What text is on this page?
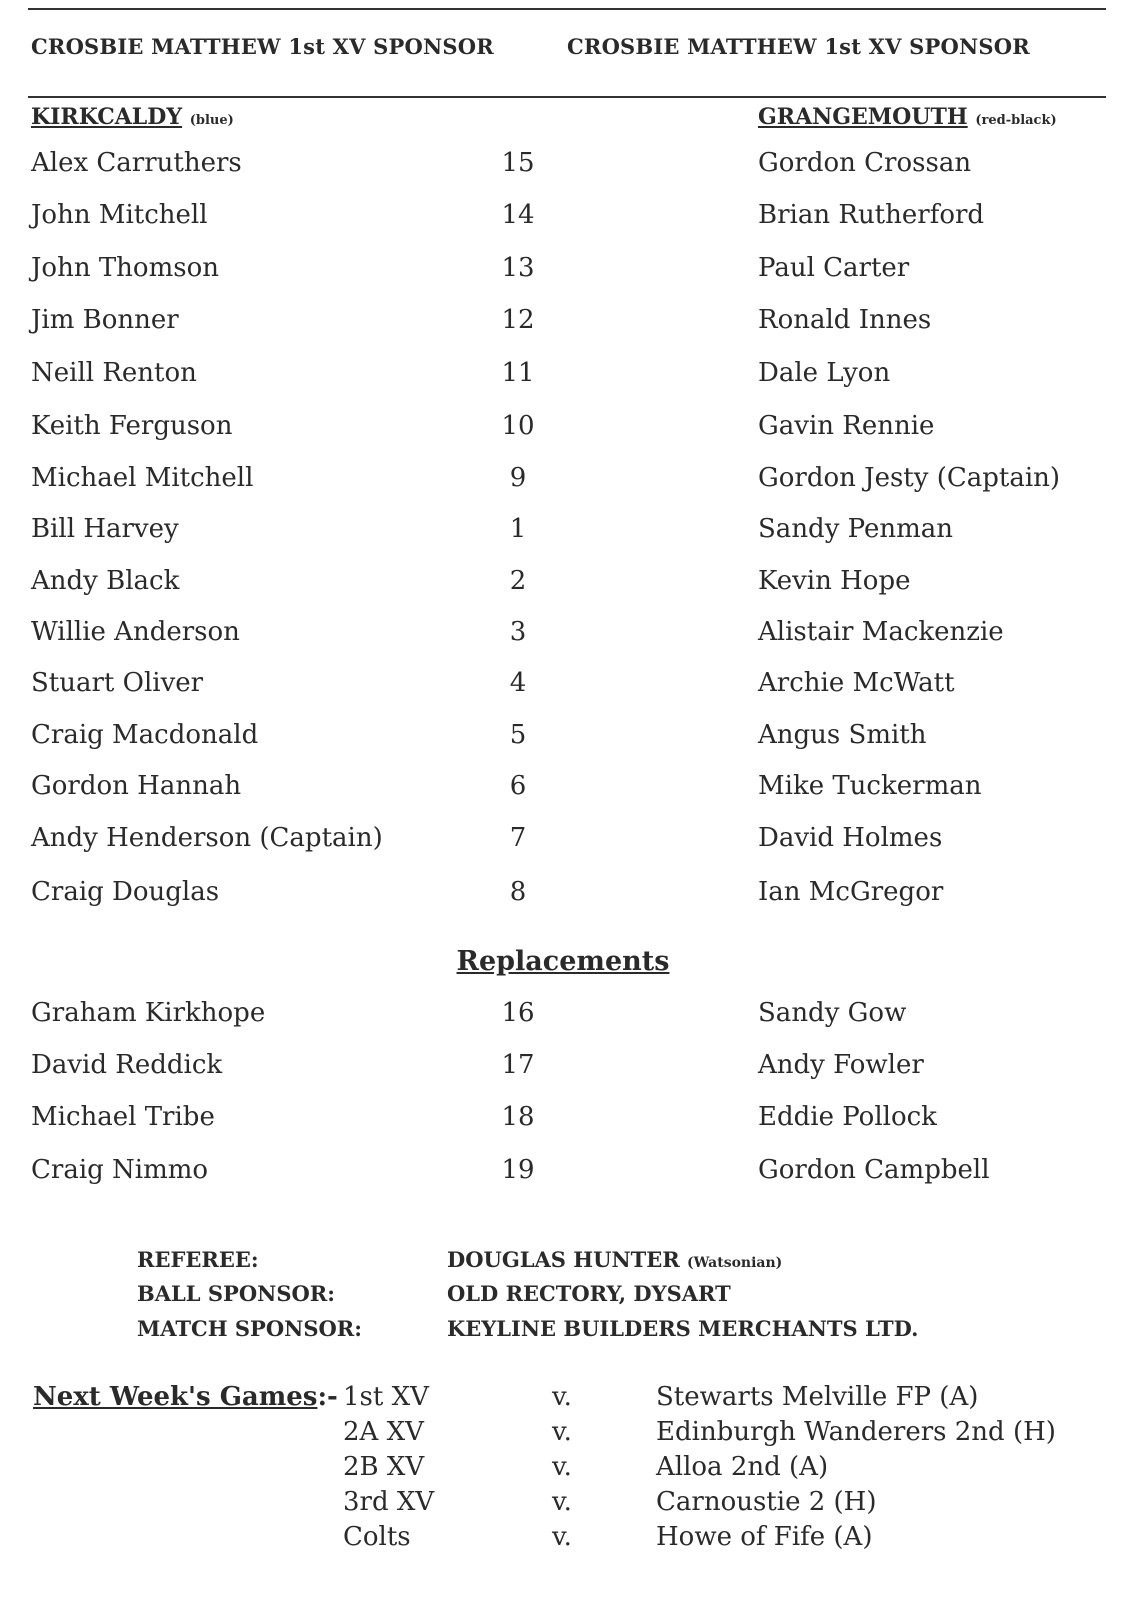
CROSBIE MATTHEW 1st XV SPONSOR	CROSBIE MATTHEW 1st XV SPONSOR
KIRKCALDY (blue)	GRANGEMOUTH (red-black)
Alex Carruthers	15	Gordon Crossan
John Mitchell	14	Brian Rutherford
John Thomson	13	Paul Carter
Jim Bonner	12	Ronald Innes
Neill Renton	11	Dale Lyon
Keith Ferguson	10	Gavin Rennie
Michael Mitchell	9	Gordon Jesty (Captain)
Bill Harvey	1	Sandy Penman
Andy Black	2	Kevin Hope
Willie Anderson	3	Alistair Mackenzie
Stuart Oliver	4	Archie McWatt
Craig Macdonald	5	Angus Smith
Gordon Hannah	6	Mike Tuckerman
Andy Henderson (Captain)	7	David Holmes
Craig Douglas	8	Ian McGregor
Replacements
Graham Kirkhope	16	Sandy Gow
David Reddick	17	Andy Fowler
Michael Tribe	18	Eddie Pollock
Craig Nimmo	19	Gordon Campbell
REFEREE:	DOUGLAS HUNTER (Watsonian)
BALL SPONSOR:	OLD RECTORY, DYSART
MATCH SPONSOR:	KEYLINE BUILDERS MERCHANTS LTD.
Next Week's Games:- 1st XV	v.	Stewarts Melville FP (A)
2A XV	v.	Edinburgh Wanderers 2nd (H)
2B XV	v.	Alloa 2nd (A)
3rd XV	v.	Carnoustie 2 (H)
Colts	v.	Howe of Fife (A)
